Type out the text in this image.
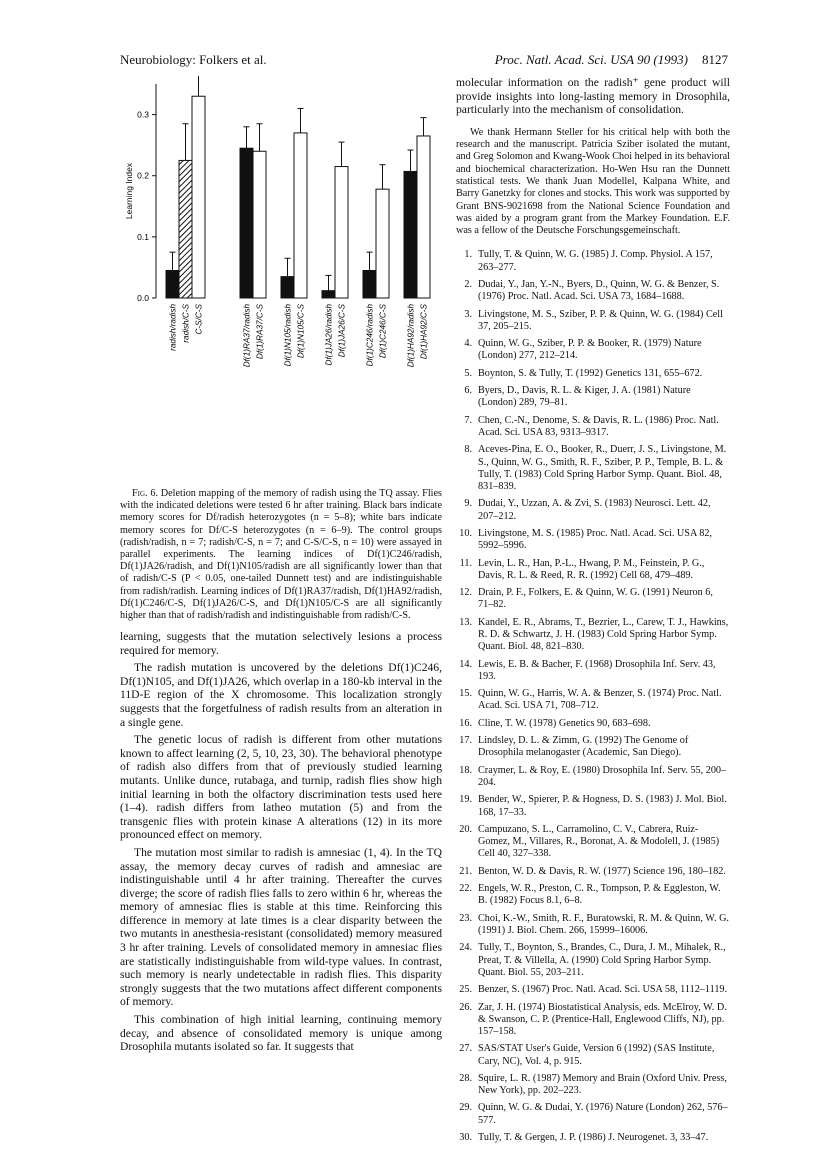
Neurobiology: Folkers et al.	Proc. Natl. Acad. Sci. USA 90 (1993) 8127
0.0
0.1
0.2
0.3
Learning Index
radish/radish radish/C-S C-S/C-S	Df(1)RA37/radish Df(1)RA37/C-S Df(1)N105/radish Df(1)N105/C-S Df(1)JA26/radish Df(1)JA26/C-S Df(1)C246/radish Df(1)C246/C-S Df(1)HA92/radish Df(1)HA92/C-S
Fig. 6. Deletion mapping of the memory of radish using the TQ assay. Flies with the indicated deletions were tested 6 hr after training. Black bars indicate memory scores for Df/radish heterozygotes (n = 5–8); white bars indicate memory scores for Df/C-S heterozygotes (n = 6–9). The control groups (radish/radish, n = 7; radish/C-S, n = 7; and C-S/C-S, n = 10) were assayed in parallel experiments. The learning indices of Df(1)C246/radish, Df(1)JA26/radish, and Df(1)N105/radish are all significantly lower than that of radish/C-S (P < 0.05, one-tailed Dunnett test) and are indistinguishable from radish/radish. Learning indices of Df(1)RA37/radish, Df(1)HA92/radish, Df(1)C246/C-S, Df(1)JA26/C-S, and Df(1)N105/C-S are all significantly higher than that of radish/radish and indistinguishable from radish/C-S.

learning, suggests that the mutation selectively lesions a process required for memory.

The radish mutation is uncovered by the deletions Df(1)C246, Df(1)N105, and Df(1)JA26, which overlap in a 180-kb interval in the 11D-E region of the X chromosome. This localization strongly suggests that the forgetfulness of radish results from an alteration in a single gene.

The genetic locus of radish is different from other mutations known to affect learning (2, 5, 10, 23, 30). The behavioral phenotype of radish also differs from that of previously studied learning mutants. Unlike dunce, rutabaga, and turnip, radish flies show high initial learning in both the olfactory discrimination tests used here (1–4). radish differs from latheo mutation (5) and from the transgenic flies with protein kinase A alterations (12) in its more pronounced effect on memory.

The mutation most similar to radish is amnesiac (1, 4). In the TQ assay, the memory decay curves of radish and amnesiac are indistinguishable until 4 hr after training. Thereafter the curves diverge; the score of radish flies falls to zero within 6 hr, whereas the memory of amnesiac flies is stable at this time. Reinforcing this difference in memory at late times is a clear disparity between the two mutants in anesthesia-resistant (consolidated) memory measured 3 hr after training. Levels of consolidated memory in amnesiac flies are statistically indistinguishable from wild-type values. In contrast, such memory is nearly undetectable in radish flies. This disparity strongly suggests that the two mutations affect different components of memory.

This combination of high initial learning, continuing memory decay, and absence of consolidated memory is unique among Drosophila mutants isolated so far. It suggests that

molecular information on the radish⁺ gene product will provide insights into long-lasting memory in Drosophila, particularly into the mechanism of consolidation.

We thank Hermann Steller for his critical help with both the research and the manuscript. Patricia Sziber isolated the mutant, and Greg Solomon and Kwang-Wook Choi helped in its behavioral and biochemical characterization. Ho-Wen Hsu ran the Dunnett statistical tests. We thank Juan Modellel, Kalpana White, and Barry Ganetzky for clones and stocks. This work was supported by Grant BNS-9021698 from the National Science Foundation and was aided by a program grant from the Markey Foundation. E.F. was a fellow of the Deutsche Forschungsgemeinschaft.

1. Tully, T. & Quinn, W. G. (1985) J. Comp. Physiol. A 157, 263–277.
2. Dudai, Y., Jan, Y.-N., Byers, D., Quinn, W. G. & Benzer, S. (1976) Proc. Natl. Acad. Sci. USA 73, 1684–1688.
3. Livingstone, M. S., Sziber, P. P. & Quinn, W. G. (1984) Cell 37, 205–215.
4. Quinn, W. G., Sziber, P. P. & Booker, R. (1979) Nature (London) 277, 212–214.
5. Boynton, S. & Tully, T. (1992) Genetics 131, 655–672.
6. Byers, D., Davis, R. L. & Kiger, J. A. (1981) Nature (London) 289, 79–81.
7. Chen, C.-N., Denome, S. & Davis, R. L. (1986) Proc. Natl. Acad. Sci. USA 83, 9313–9317.
8. Aceves-Pina, E. O., Booker, R., Duerr, J. S., Livingstone, M. S., Quinn, W. G., Smith, R. F., Sziber, P. P., Temple, B. L. & Tully, T. (1983) Cold Spring Harbor Symp. Quant. Biol. 48, 831–839.
9. Dudai, Y., Uzzan, A. & Zvi, S. (1983) Neurosci. Lett. 42, 207–212.
10. Livingstone, M. S. (1985) Proc. Natl. Acad. Sci. USA 82, 5992–5996.
11. Levin, L. R., Han, P.-L., Hwang, P. M., Feinstein, P. G., Davis, R. L. & Reed, R. R. (1992) Cell 68, 479–489.
12. Drain, P. F., Folkers, E. & Quinn, W. G. (1991) Neuron 6, 71–82.
13. Kandel, E. R., Abrams, T., Bezrier, L., Carew, T. J., Hawkins, R. D. & Schwartz, J. H. (1983) Cold Spring Harbor Symp. Quant. Biol. 48, 821–830.
14. Lewis, E. B. & Bacher, F. (1968) Drosophila Inf. Serv. 43, 193.
15. Quinn, W. G., Harris, W. A. & Benzer, S. (1974) Proc. Natl. Acad. Sci. USA 71, 708–712.
16. Cline, T. W. (1978) Genetics 90, 683–698.
17. Lindsley, D. L. & Zimm, G. (1992) The Genome of Drosophila melanogaster (Academic, San Diego).
18. Craymer, L. & Roy, E. (1980) Drosophila Inf. Serv. 55, 200–204.
19. Bender, W., Spierer, P. & Hogness, D. S. (1983) J. Mol. Biol. 168, 17–33.
20. Campuzano, S. L., Carramolino, C. V., Cabrera, Ruiz-Gomez, M., Villares, R., Boronat, A. & Modolell, J. (1985) Cell 40, 327–338.
21. Benton, W. D. & Davis, R. W. (1977) Science 196, 180–182.
22. Engels, W. R., Preston, C. R., Tompson, P. & Eggleston, W. B. (1982) Focus 8.1, 6–8.
23. Choi, K.-W., Smith, R. F., Buratowski, R. M. & Quinn, W. G. (1991) J. Biol. Chem. 266, 15999–16006.
24. Tully, T., Boynton, S., Brandes, C., Dura, J. M., Mihalek, R., Preat, T. & Villella, A. (1990) Cold Spring Harbor Symp. Quant. Biol. 55, 203–211.
25. Benzer, S. (1967) Proc. Natl. Acad. Sci. USA 58, 1112–1119.
26. Zar, J. H. (1974) Biostatistical Analysis, eds. McElroy, W. D. & Swanson, C. P. (Prentice-Hall, Englewood Cliffs, NJ), pp. 157–158.
27. SAS/STAT User's Guide, Version 6 (1992) (SAS Institute, Cary, NC), Vol. 4, p. 915.
28. Squire, L. R. (1987) Memory and Brain (Oxford Univ. Press, New York), pp. 202–223.
29. Quinn, W. G. & Dudai, Y. (1976) Nature (London) 262, 576–577.
30. Tully, T. & Gergen, J. P. (1986) J. Neurogenet. 3, 33–47.
